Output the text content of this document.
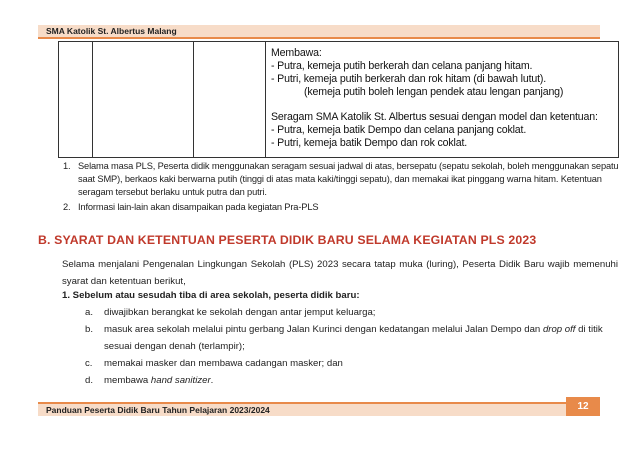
SMA Katolik St. Albertus Malang

Membawa:
- Putra, kemeja putih berkerah dan celana panjang hitam.
- Putri, kemeja putih berkerah dan rok hitam (di bawah lutut).
(kemeja putih boleh lengan pendek atau lengan panjang)
Seragam SMA Katolik St. Albertus sesuai dengan model dan ketentuan:
- Putra, kemeja batik Dempo dan celana panjang coklat.
- Putri, kemeja batik Dempo dan rok coklat.
1. Selama masa PLS, Peserta didik menggunakan seragam sesuai jadwal di atas, bersepatu (sepatu sekolah, boleh menggunakan sepatu saat SMP), berkaos kaki berwarna putih (tinggi di atas mata kaki/tinggi sepatu), dan memakai ikat pinggang warna hitam. Ketentuan seragam tersebut berlaku untuk putra dan putri.
2. Informasi lain-lain akan disampaikan pada kegiatan Pra-PLS
B. SYARAT DAN KETENTUAN PESERTA DIDIK BARU SELAMA KEGIATAN PLS 2023
Selama menjalani Pengenalan Lingkungan Sekolah (PLS) 2023 secara tatap muka (luring), Peserta Didik Baru wajib memenuhi syarat dan ketentuan berikut,
1. Sebelum atau sesudah tiba di area sekolah, peserta didik baru:
a. diwajibkan berangkat ke sekolah dengan antar jemput keluarga;
b. masuk area sekolah melalui pintu gerbang Jalan Kurinci dengan kedatangan melalui Jalan Dempo dan drop off di titik sesuai dengan denah (terlampir);
c. memakai masker dan membawa cadangan masker; dan
d. membawa hand sanitizer.
Panduan Peserta Didik Baru Tahun Pelajaran 2023/2024	12
